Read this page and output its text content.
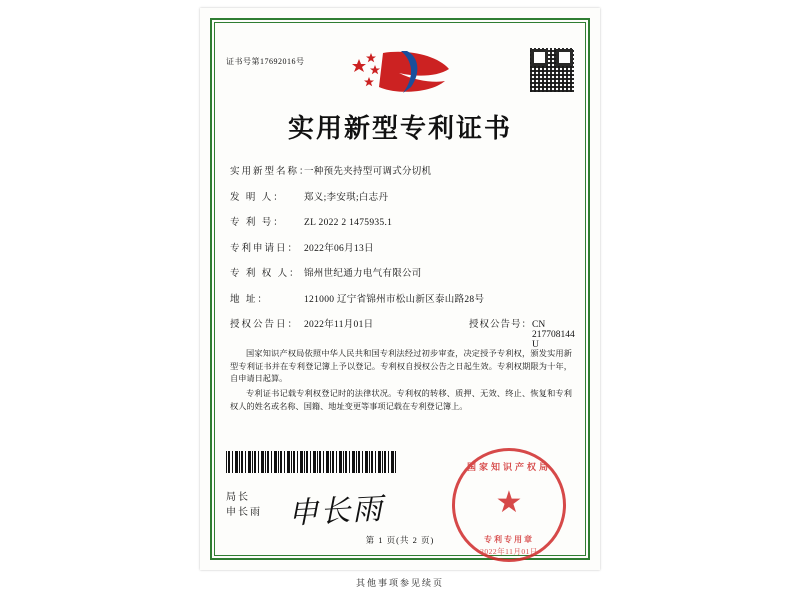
证书号第17692016号
实用新型专利证书
实用新型名称：
一种预先夹持型可调式分切机
发 明 人：	郑义;李安琪;白志丹
专 利 号：	ZL 2022 2 1475935.1
专利申请日： 2022年06月13日
专 利 权 人： 锦州世纪通力电气有限公司
地 址：	121000 辽宁省锦州市松山新区泰山路28号
授权公告日： 2022年11月01日	授权公告号： CN 217708144 U

国家知识产权局依照中华人民共和国专利法经过初步审查，决定授予专利权，颁发实用新型专利证书并在专利登记簿上予以登记。专利权自授权公告之日起生效。专利权期限为十年，自申请日起算。

专利证书记载专利权登记时的法律状况。专利权的转移、质押、无效、终止、恢复和专利权人的姓名或名称、国籍、地址变更等事项记载在专利登记簿上。

局长
申长雨 申长雨
国家知识产权局
★
专利专用章
2022年11月01日
第 1 页(共 2 页)
其他事项参见续页
